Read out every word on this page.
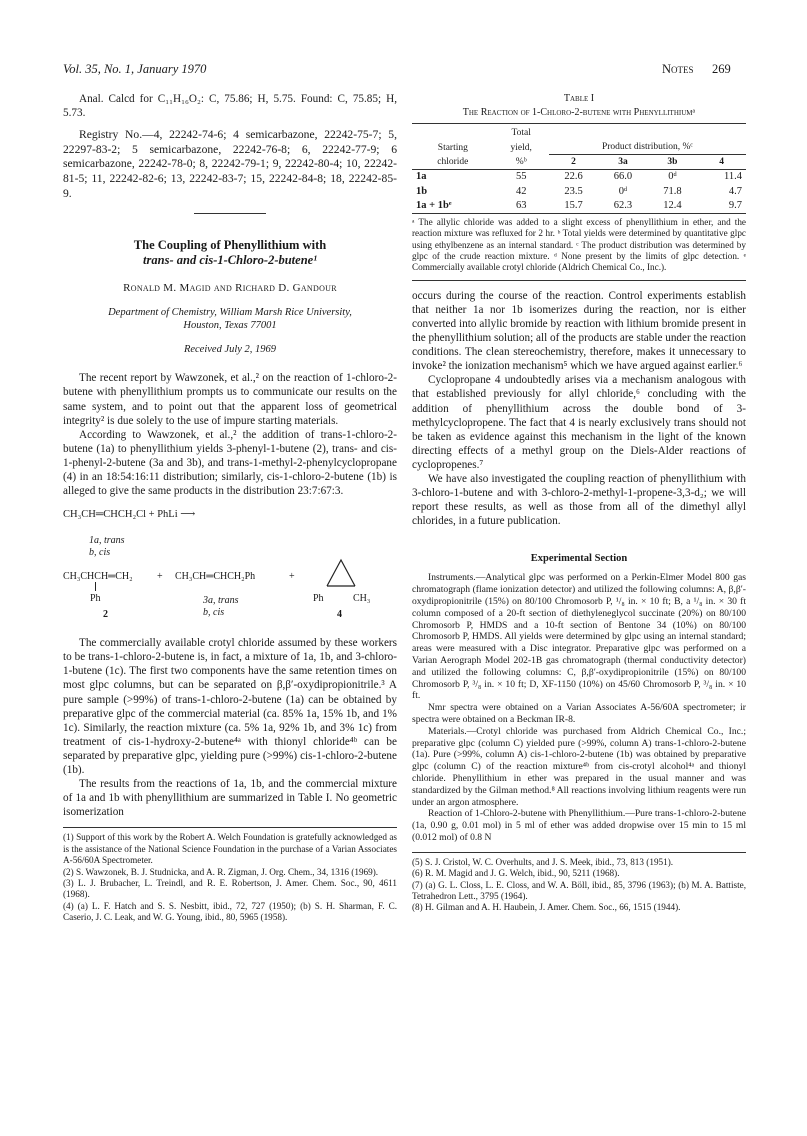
Vol. 35, No. 1, January 1970	Notes 269

Anal. Calcd for C₁₁H₁₆O₂: C, 75.86; H, 5.75. Found: C, 75.85; H, 5.73.

Registry No.—4, 22242-74-6; 4 semicarbazone, 22242-75-7; 5, 22297-83-2; 5 semicarbazone, 22242-76-8; 6, 22242-77-9; 6 semicarbazone, 22242-78-0; 8, 22242-79-1; 9, 22242-80-4; 10, 22242-81-5; 11, 22242-82-6; 13, 22242-83-7; 15, 22242-84-8; 18, 22242-85-9.

The Coupling of Phenyllithium with

trans- and cis-1-Chloro-2-butene¹

Ronald M. Magid and Richard D. Gandour

Department of Chemistry, William Marsh Rice University,

Houston, Texas 77001

Received July 2, 1969

The recent report by Wawzonek, et al.,² on the reaction of 1-chloro-2-butene with phenyllithium prompts us to communicate our results on the same system, and to point out that the apparent loss of geometrical integrity² is due solely to the use of impure starting materials.

According to Wawzonek, et al.,² the addition of trans-1-chloro-2-butene (1a) to phenyllithium yields 3-phenyl-1-butene (2), trans- and cis-1-phenyl-2-butene (3a and 3b), and trans-1-methyl-2-phenylcyclopropane (4) in an 18:54:16:11 distribution; similarly, cis-1-chloro-2-butene (1b) is alleged to give the same products in the distribution 23:7:67:3.

CH₃CH═CHCH₂Cl + PhLi ⟶
1a, trans
b, cis
CH₃CHCH═CH₂
Ph
+ CH₃CH═CHCH₂Ph	+
Ph	CH₃
2
3a, trans
b, cis	4

The commercially available crotyl chloride assumed by these workers to be trans-1-chloro-2-butene is, in fact, a mixture of 1a, 1b, and 3-chloro-1-butene (1c). The first two components have the same retention times on most glpc columns, but can be separated on β,β′-oxydipropionitrile.³ A pure sample (>99%) of trans-1-chloro-2-butene (1a) can be obtained by preparative glpc of the commercial material (ca. 85% 1a, 15% 1b, and 1% 1c). Similarly, the reaction mixture (ca. 5% 1a, 92% 1b, and 3% 1c) from treatment of cis-1-hydroxy-2-butene⁴ᵃ with thionyl chloride⁴ᵇ can be separated by preparative glpc, yielding pure (>99%) cis-1-chloro-2-butene (1b).

The results from the reactions of 1a, 1b, and the commercial mixture of 1a and 1b with phenyllithium are summarized in Table I. No geometric isomerization

(1) Support of this work by the Robert A. Welch Foundation is gratefully acknowledged as is the assistance of the National Science Foundation in the purchase of a Varian Associates A-56/60A Spectrometer.

(2) S. Wawzonek, B. J. Studnicka, and A. R. Zigman, J. Org. Chem., 34, 1316 (1969).

(3) L. J. Brubacher, L. Treindl, and R. E. Robertson, J. Amer. Chem. Soc., 90, 4611 (1968).

(4) (a) L. F. Hatch and S. S. Nesbitt, ibid., 72, 727 (1950); (b) S. H. Sharman, F. C. Caserio, J. C. Leak, and W. G. Young, ibid., 80, 5965 (1958).

Table I
The Reaction of 1-Chloro-2-butene with Phenyllithiumᵃ
	Total				
Starting	yield,	Product distribution, %ᶜ			
chloride	%ᵇ	2	3a	3b	4
1a	55	22.6	66.0	0ᵈ	11.4
1b	42	23.5	0ᵈ	71.8	4.7
1a + 1bᵉ	63	15.7	62.3	12.4	9.7
ᵃ The allylic chloride was added to a slight excess of phenyllithium in ether, and the reaction mixture was refluxed for 2 hr. ᵇ Total yields were determined by quantitative glpc using ethylbenzene as an internal standard. ᶜ The product distribution was determined by glpc of the crude reaction mixture. ᵈ None present by the limits of glpc detection. ᵉ Commercially available crotyl chloride (Aldrich Chemical Co., Inc.).

occurs during the course of the reaction. Control experiments establish that neither 1a nor 1b isomerizes during the reaction, nor is either converted into allylic bromide by reaction with lithium bromide present in the phenyllithium solution; all of the products are stable under the reaction conditions. The clean stereochemistry, therefore, makes it unnecessary to invoke² the ionization mechanism⁵ which we have argued against earlier.⁶

Cyclopropane 4 undoubtedly arises via a mechanism analogous with that established previously for allyl chloride,⁶ concluding with the addition of phenyllithium across the double bond of 3-methylcyclopropene. The fact that 4 is nearly exclusively trans should not be taken as evidence against this mechanism in the light of the known directing effects of a methyl group on the Diels-Alder reactions of cyclopropenes.⁷

We have also investigated the coupling reaction of phenyllithium with 3-chloro-1-butene and with 3-chloro-2-methyl-1-propene-3,3-d₂; we will report these results, as well as those from all of the dimethyl allyl chlorides, in a future publication.

Experimental Section

Instruments.—Analytical glpc was performed on a Perkin-Elmer Model 800 gas chromatograph (flame ionization detector) and utilized the following columns: A, β,β′-oxydipropionitrile (15%) on 80/100 Chromosorb P, ¹/₈ in. × 10 ft; B, a ¹/₈ in. × 30 ft column composed of a 20-ft section of diethyleneglycol succinate (20%) on 80/100 Chromosorb P, HMDS and a 10-ft section of Bentone 34 (10%) on 80/100 Chromosorb P, HMDS. All yields were determined by glpc using an internal standard; areas were measured with a Disc integrator. Preparative glpc was performed on a Varian Aerograph Model 202-1B gas chromatograph (thermal conductivity detector) and utilized the following columns: C, β,β′-oxydipropionitrile (15%) on 80/100 Chromosorb P, ³/₈ in. × 10 ft; D, XF-1150 (10%) on 45/60 Chromosorb P, ³/₈ in. × 10 ft.

Nmr spectra were obtained on a Varian Associates A-56/60A spectrometer; ir spectra were obtained on a Beckman IR-8.

Materials.—Crotyl chloride was purchased from Aldrich Chemical Co., Inc.; preparative glpc (column C) yielded pure (>99%, column A) trans-1-chloro-2-butene (1a). Pure (>99%, column A) cis-1-chloro-2-butene (1b) was obtained by preparative glpc (column C) of the reaction mixture⁴ᵇ from cis-crotyl alcohol⁴ᵃ and thionyl chloride. Phenyllithium in ether was prepared in the usual manner and was standardized by the Gilman method.⁸ All reactions involving lithium reagents were run under an argon atmosphere.

Reaction of 1-Chloro-2-butene with Phenyllithium.—Pure trans-1-chloro-2-butene (1a, 0.90 g, 0.01 mol) in 5 ml of ether was added dropwise over 15 min to 15 ml (0.012 mol) of 0.8 N

(5) S. J. Cristol, W. C. Overhults, and J. S. Meek, ibid., 73, 813 (1951).

(6) R. M. Magid and J. G. Welch, ibid., 90, 5211 (1968).

(7) (a) G. L. Closs, L. E. Closs, and W. A. Böll, ibid., 85, 3796 (1963); (b) M. A. Battiste, Tetrahedron Lett., 3795 (1964).

(8) H. Gilman and A. H. Haubein, J. Amer. Chem. Soc., 66, 1515 (1944).
